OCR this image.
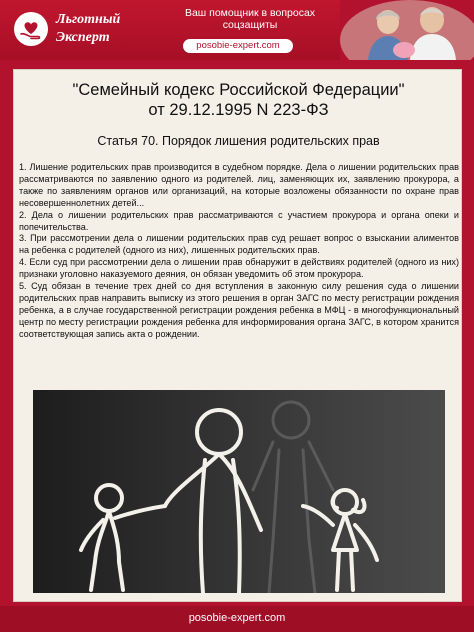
Льготный
Эксперт
Ваш помощник в вопросах соцзащиты
posobie-expert.com
"Семейный кодекс Российской Федерации"
от 29.12.1995 N 223-ФЗ
Статья 70. Порядок лишения родительских прав

1. Лишение родительских прав производится в судебном порядке. Дела о лишении родительских прав рассматриваются по заявлению одного из родителей. лиц, заменяющих их, заявлению прокурора, а также по заявлениям органов или организаций, на которые возложены обязанности по охране прав несовершеннолетних детей...

2. Дела о лишении родительских прав рассматриваются с участием прокурора и органа опеки и попечительства.

3. При рассмотрении дела о лишении родительских прав суд решает вопрос о взыскании алиментов на ребенка с родителей (одного из них), лишенных родительских прав.

4. Если суд при рассмотрении дела о лишении прав обнаружит в действиях родителей (одного из них) признаки уголовно наказуемого деяния, он обязан уведомить об этом прокурора.

5. Суд обязан в течение трех дней со дня вступления в законную силу решения суда о лишении родительских прав направить выписку из этого решения в орган ЗАГС по месту регистрации рождения ребенка, а в случае государственной регистрации рождения ребенка в МФЦ - в многофункциональный центр по месту регистрации рождения ребенка для информирования органа ЗАГС, в котором хранится соответствующая запись акта о рождении.

posobie-expert.com
